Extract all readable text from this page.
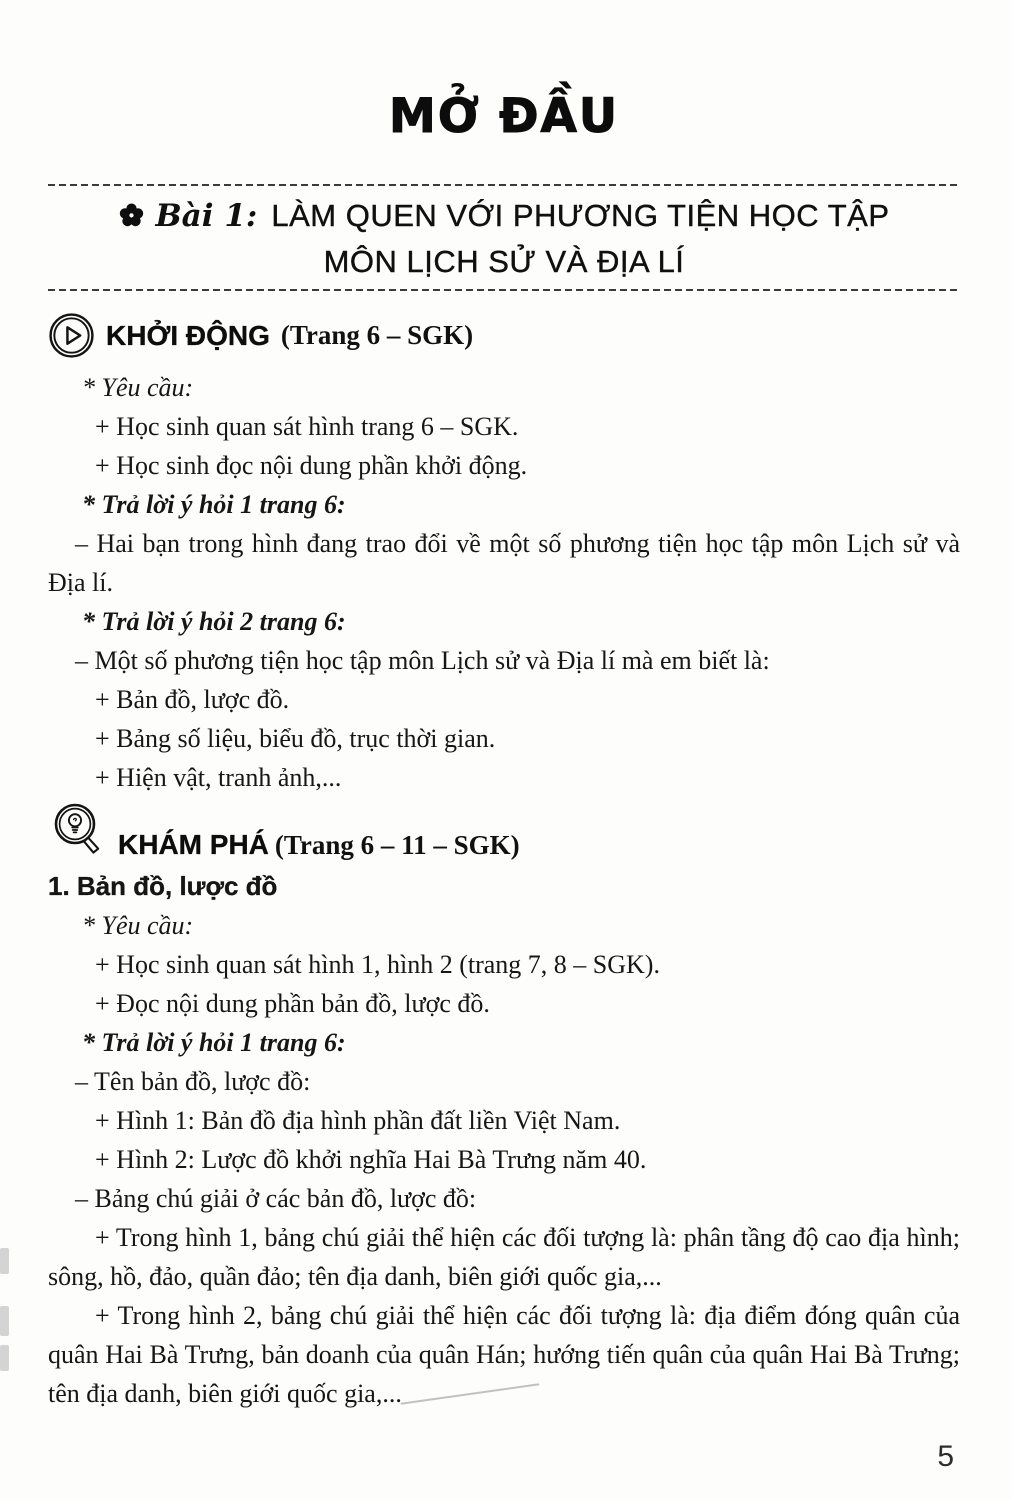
MỞ ĐẦU
Bài 1: LÀM QUEN VỚI PHƯƠNG TIỆN HỌC TẬP
MÔN LỊCH SỬ VÀ ĐỊA LÍ
KHỞI ĐỘNG (Trang 6 – SGK)

* Yêu cầu:

+ Học sinh quan sát hình trang 6 – SGK.

+ Học sinh đọc nội dung phần khởi động.

* Trả lời ý hỏi 1 trang 6:

– Hai bạn trong hình đang trao đổi về một số phương tiện học tập môn Lịch sử và Địa lí.

* Trả lời ý hỏi 2 trang 6:

– Một số phương tiện học tập môn Lịch sử và Địa lí mà em biết là:

+ Bản đồ, lược đồ.

+ Bảng số liệu, biểu đồ, trục thời gian.

+ Hiện vật, tranh ảnh,...

KHÁM PHÁ (Trang 6 – 11 – SGK)

1. Bản đồ, lược đồ

* Yêu cầu:

+ Học sinh quan sát hình 1, hình 2 (trang 7, 8 – SGK).

+ Đọc nội dung phần bản đồ, lược đồ.

* Trả lời ý hỏi 1 trang 6:

– Tên bản đồ, lược đồ:

+ Hình 1: Bản đồ địa hình phần đất liền Việt Nam.

+ Hình 2: Lược đồ khởi nghĩa Hai Bà Trưng năm 40.

– Bảng chú giải ở các bản đồ, lược đồ:

+ Trong hình 1, bảng chú giải thể hiện các đối tượng là: phân tầng độ cao địa hình; sông, hồ, đảo, quần đảo; tên địa danh, biên giới quốc gia,...

+ Trong hình 2, bảng chú giải thể hiện các đối tượng là: địa điểm đóng quân của quân Hai Bà Trưng, bản doanh của quân Hán; hướng tiến quân của quân Hai Bà Trưng; tên địa danh, biên giới quốc gia,...

5
